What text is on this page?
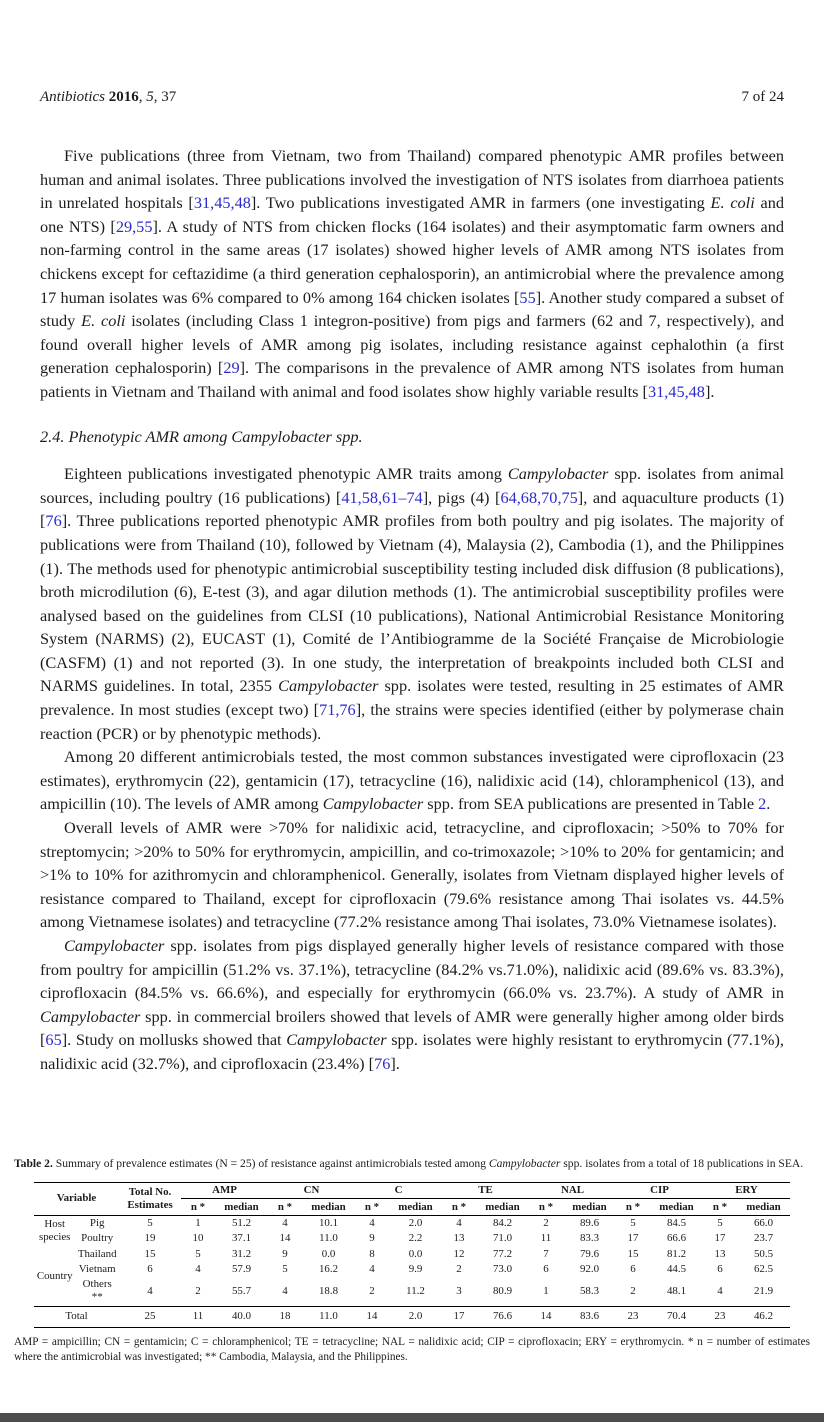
Antibiotics 2016, 5, 37	7 of 24

Five publications (three from Vietnam, two from Thailand) compared phenotypic AMR profiles between human and animal isolates. Three publications involved the investigation of NTS isolates from diarrhoea patients in unrelated hospitals [31,45,48]. Two publications investigated AMR in farmers (one investigating E. coli and one NTS) [29,55]. A study of NTS from chicken flocks (164 isolates) and their asymptomatic farm owners and non-farming control in the same areas (17 isolates) showed higher levels of AMR among NTS isolates from chickens except for ceftazidime (a third generation cephalosporin), an antimicrobial where the prevalence among 17 human isolates was 6% compared to 0% among 164 chicken isolates [55]. Another study compared a subset of study E. coli isolates (including Class 1 integron-positive) from pigs and farmers (62 and 7, respectively), and found overall higher levels of AMR among pig isolates, including resistance against cephalothin (a first generation cephalosporin) [29]. The comparisons in the prevalence of AMR among NTS isolates from human patients in Vietnam and Thailand with animal and food isolates show highly variable results [31,45,48].

2.4. Phenotypic AMR among Campylobacter spp.

Eighteen publications investigated phenotypic AMR traits among Campylobacter spp. isolates from animal sources, including poultry (16 publications) [41,58,61–74], pigs (4) [64,68,70,75], and aquaculture products (1) [76]. Three publications reported phenotypic AMR profiles from both poultry and pig isolates. The majority of publications were from Thailand (10), followed by Vietnam (4), Malaysia (2), Cambodia (1), and the Philippines (1). The methods used for phenotypic antimicrobial susceptibility testing included disk diffusion (8 publications), broth microdilution (6), E-test (3), and agar dilution methods (1). The antimicrobial susceptibility profiles were analysed based on the guidelines from CLSI (10 publications), National Antimicrobial Resistance Monitoring System (NARMS) (2), EUCAST (1), Comité de l’Antibiogramme de la Société Française de Microbiologie (CASFM) (1) and not reported (3). In one study, the interpretation of breakpoints included both CLSI and NARMS guidelines. In total, 2355 Campylobacter spp. isolates were tested, resulting in 25 estimates of AMR prevalence. In most studies (except two) [71,76], the strains were species identified (either by polymerase chain reaction (PCR) or by phenotypic methods).

Among 20 different antimicrobials tested, the most common substances investigated were ciprofloxacin (23 estimates), erythromycin (22), gentamicin (17), tetracycline (16), nalidixic acid (14), chloramphenicol (13), and ampicillin (10). The levels of AMR among Campylobacter spp. from SEA publications are presented in Table 2.

Overall levels of AMR were >70% for nalidixic acid, tetracycline, and ciprofloxacin; >50% to 70% for streptomycin; >20% to 50% for erythromycin, ampicillin, and co-trimoxazole; >10% to 20% for gentamicin; and >1% to 10% for azithromycin and chloramphenicol. Generally, isolates from Vietnam displayed higher levels of resistance compared to Thailand, except for ciprofloxacin (79.6% resistance among Thai isolates vs. 44.5% among Vietnamese isolates) and tetracycline (77.2% resistance among Thai isolates, 73.0% Vietnamese isolates).

Campylobacter spp. isolates from pigs displayed generally higher levels of resistance compared with those from poultry for ampicillin (51.2% vs. 37.1%), tetracycline (84.2% vs.71.0%), nalidixic acid (89.6% vs. 83.3%), ciprofloxacin (84.5% vs. 66.6%), and especially for erythromycin (66.0% vs. 23.7%). A study of AMR in Campylobacter spp. in commercial broilers showed that levels of AMR were generally higher among older birds [65]. Study on mollusks showed that Campylobacter spp. isolates were highly resistant to erythromycin (77.1%), nalidixic acid (32.7%), and ciprofloxacin (23.4%) [76].

Table 2. Summary of prevalence estimates (N = 25) of resistance against antimicrobials tested among Campylobacter spp. isolates from a total of 18 publications in SEA.

Variable		Total No.
Estimates	AMP		CN		C		TE		NAL		CIP		ERY	
			n *	median	n *	median	n *	median	n *	median	n *	median	n *	median	n *	median
Host species	Pig	5	1	51.2	4	10.1	4	2.0	4	84.2	2	89.6	5	84.5	5	66.0
	Poultry	19	10	37.1	14	11.0	9	2.2	13	71.0	11	83.3	17	66.6	17	23.7
Country	Thailand	15	5	31.2	9	0.0	8	0.0	12	77.2	7	79.6	15	81.2	13	50.5
	Vietnam	6	4	57.9	5	16.2	4	9.9	2	73.0	6	92.0	6	44.5	6	62.5
	Others **	4	2	55.7	4	18.8	2	11.2	3	80.9	1	58.3	2	48.1	4	21.9
Total		25	11	40.0	18	11.0	14	2.0	17	76.6	14	83.6	23	70.4	23	46.2

AMP = ampicillin; CN = gentamicin; C = chloramphenicol; TE = tetracycline; NAL = nalidixic acid; CIP = ciprofloxacin; ERY = erythromycin. * n = number of estimates where the antimicrobial was investigated; ** Cambodia, Malaysia, and the Philippines.
